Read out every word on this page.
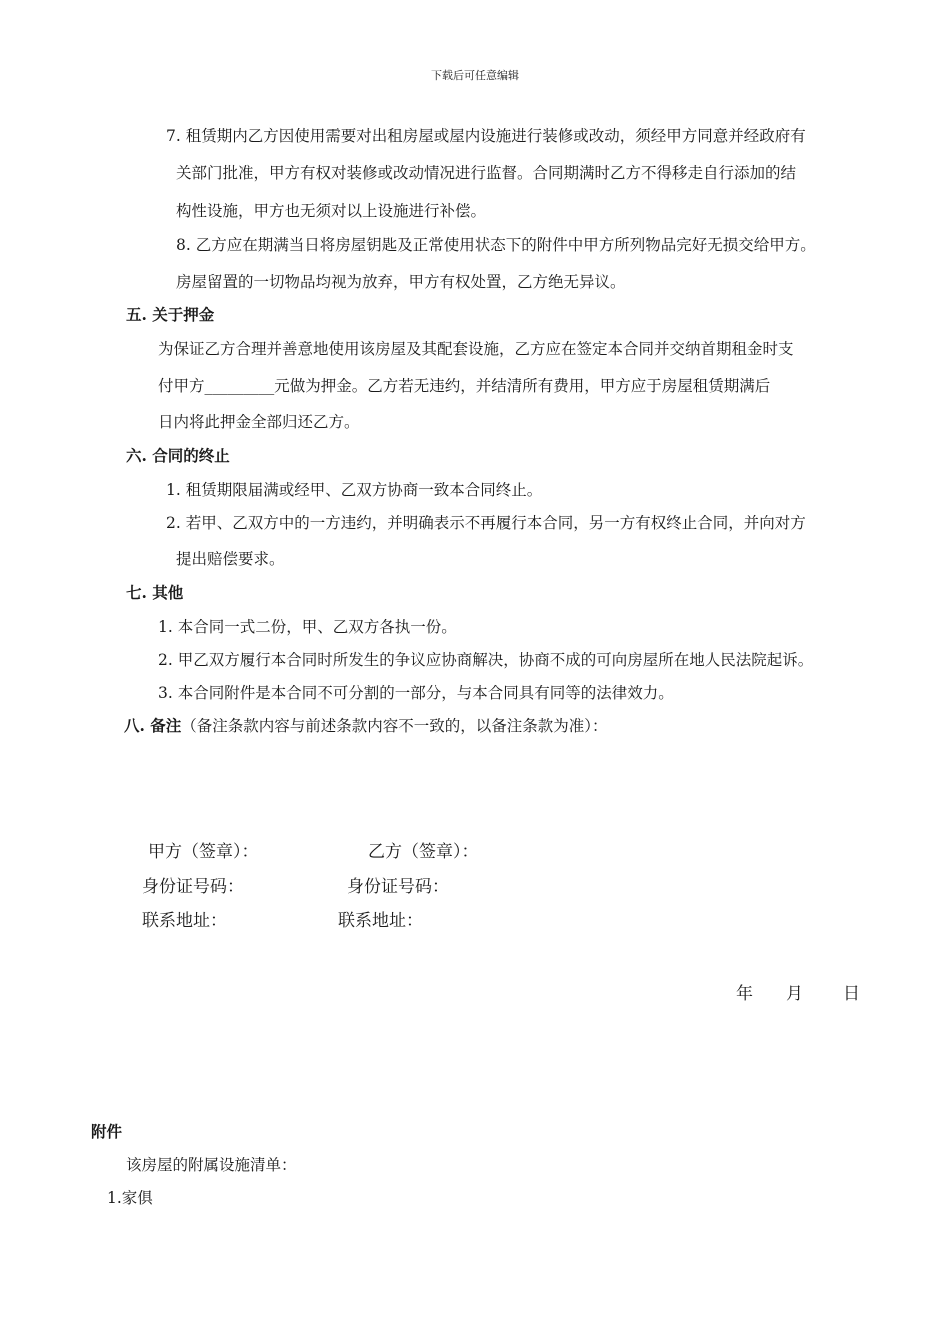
下载后可任意编辑
7. 租赁期内乙方因使用需要对出租房屋或屋内设施进行装修或改动，须经甲方同意并经政府有
关部门批准，甲方有权对装修或改动情况进行监督。合同期满时乙方不得移走自行添加的结
构性设施，甲方也无须对以上设施进行补偿。
8. 乙方应在期满当日将房屋钥匙及正常使用状态下的附件中甲方所列物品完好无损交给甲方。
房屋留置的一切物品均视为放弃，甲方有权处置，乙方绝无异议。
五. 关于押金
为保证乙方合理并善意地使用该房屋及其配套设施，乙方应在签定本合同并交纳首期租金时支
付甲方_________元做为押金。乙方若无违约，并结清所有费用，甲方应于房屋租赁期满后
日内将此押金全部归还乙方。
六. 合同的终止
1. 租赁期限届满或经甲、乙双方协商一致本合同终止。
2. 若甲、乙双方中的一方违约，并明确表示不再履行本合同，另一方有权终止合同，并向对方
提出赔偿要求。
七. 其他
1. 本合同一式二份，甲、乙双方各执一份。
2. 甲乙双方履行本合同时所发生的争议应协商解决，协商不成的可向房屋所在地人民法院起诉。
3. 本合同附件是本合同不可分割的一部分，与本合同具有同等的法律效力。
八. 备注（备注条款内容与前述条款内容不一致的，以备注条款为准）：
甲方（签章）：	乙方（签章）：
身份证号码：	身份证号码：
联系地址：	联系地址：
年 月 日
附件
该房屋的附属设施清单：
1.家俱
